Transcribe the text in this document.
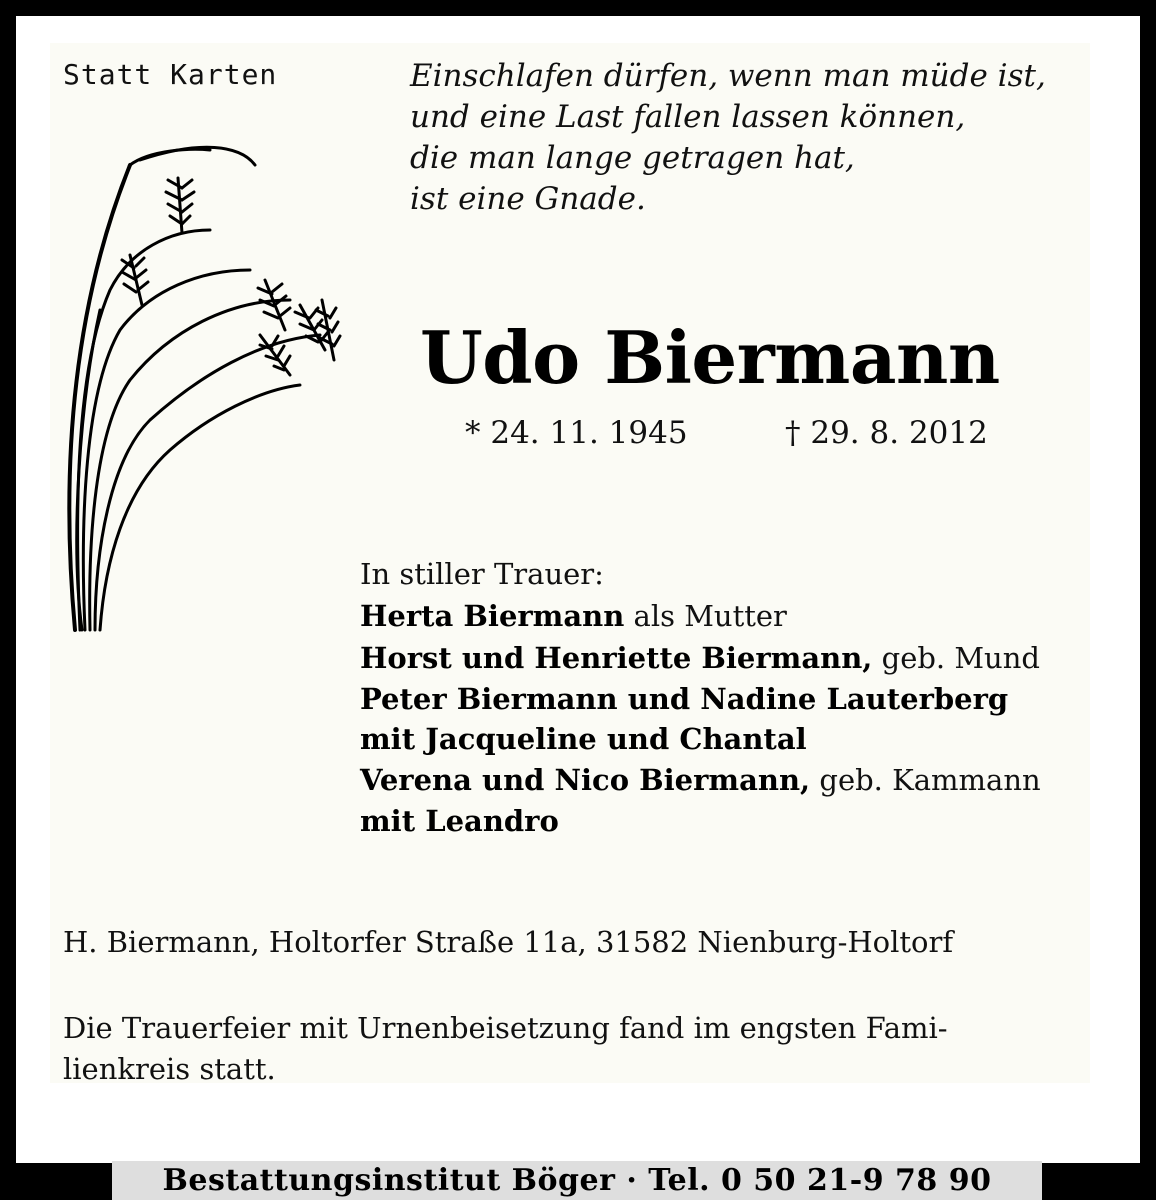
Statt Karten	Einschlafen dürfen, wenn man müde ist,
und eine Last fallen lassen können,
die man lange getragen hat,
ist eine Gnade.
Udo Biermann
* 24. 11. 1945	† 29. 8. 2012
In stiller Trauer:
Herta Biermann als Mutter
Horst und Henriette Biermann, geb. Mund
Peter Biermann und Nadine Lauterberg
mit Jacqueline und Chantal
Verena und Nico Biermann, geb. Kammann
mit Leandro
H. Biermann, Holtorfer Straße 11a, 31582 Nienburg-Holtorf
Die Trauerfeier mit Urnenbeisetzung fand im engsten Fami-
lienkreis statt.
Bestattungsinstitut Böger · Tel. 0 50 21-9 78 90
